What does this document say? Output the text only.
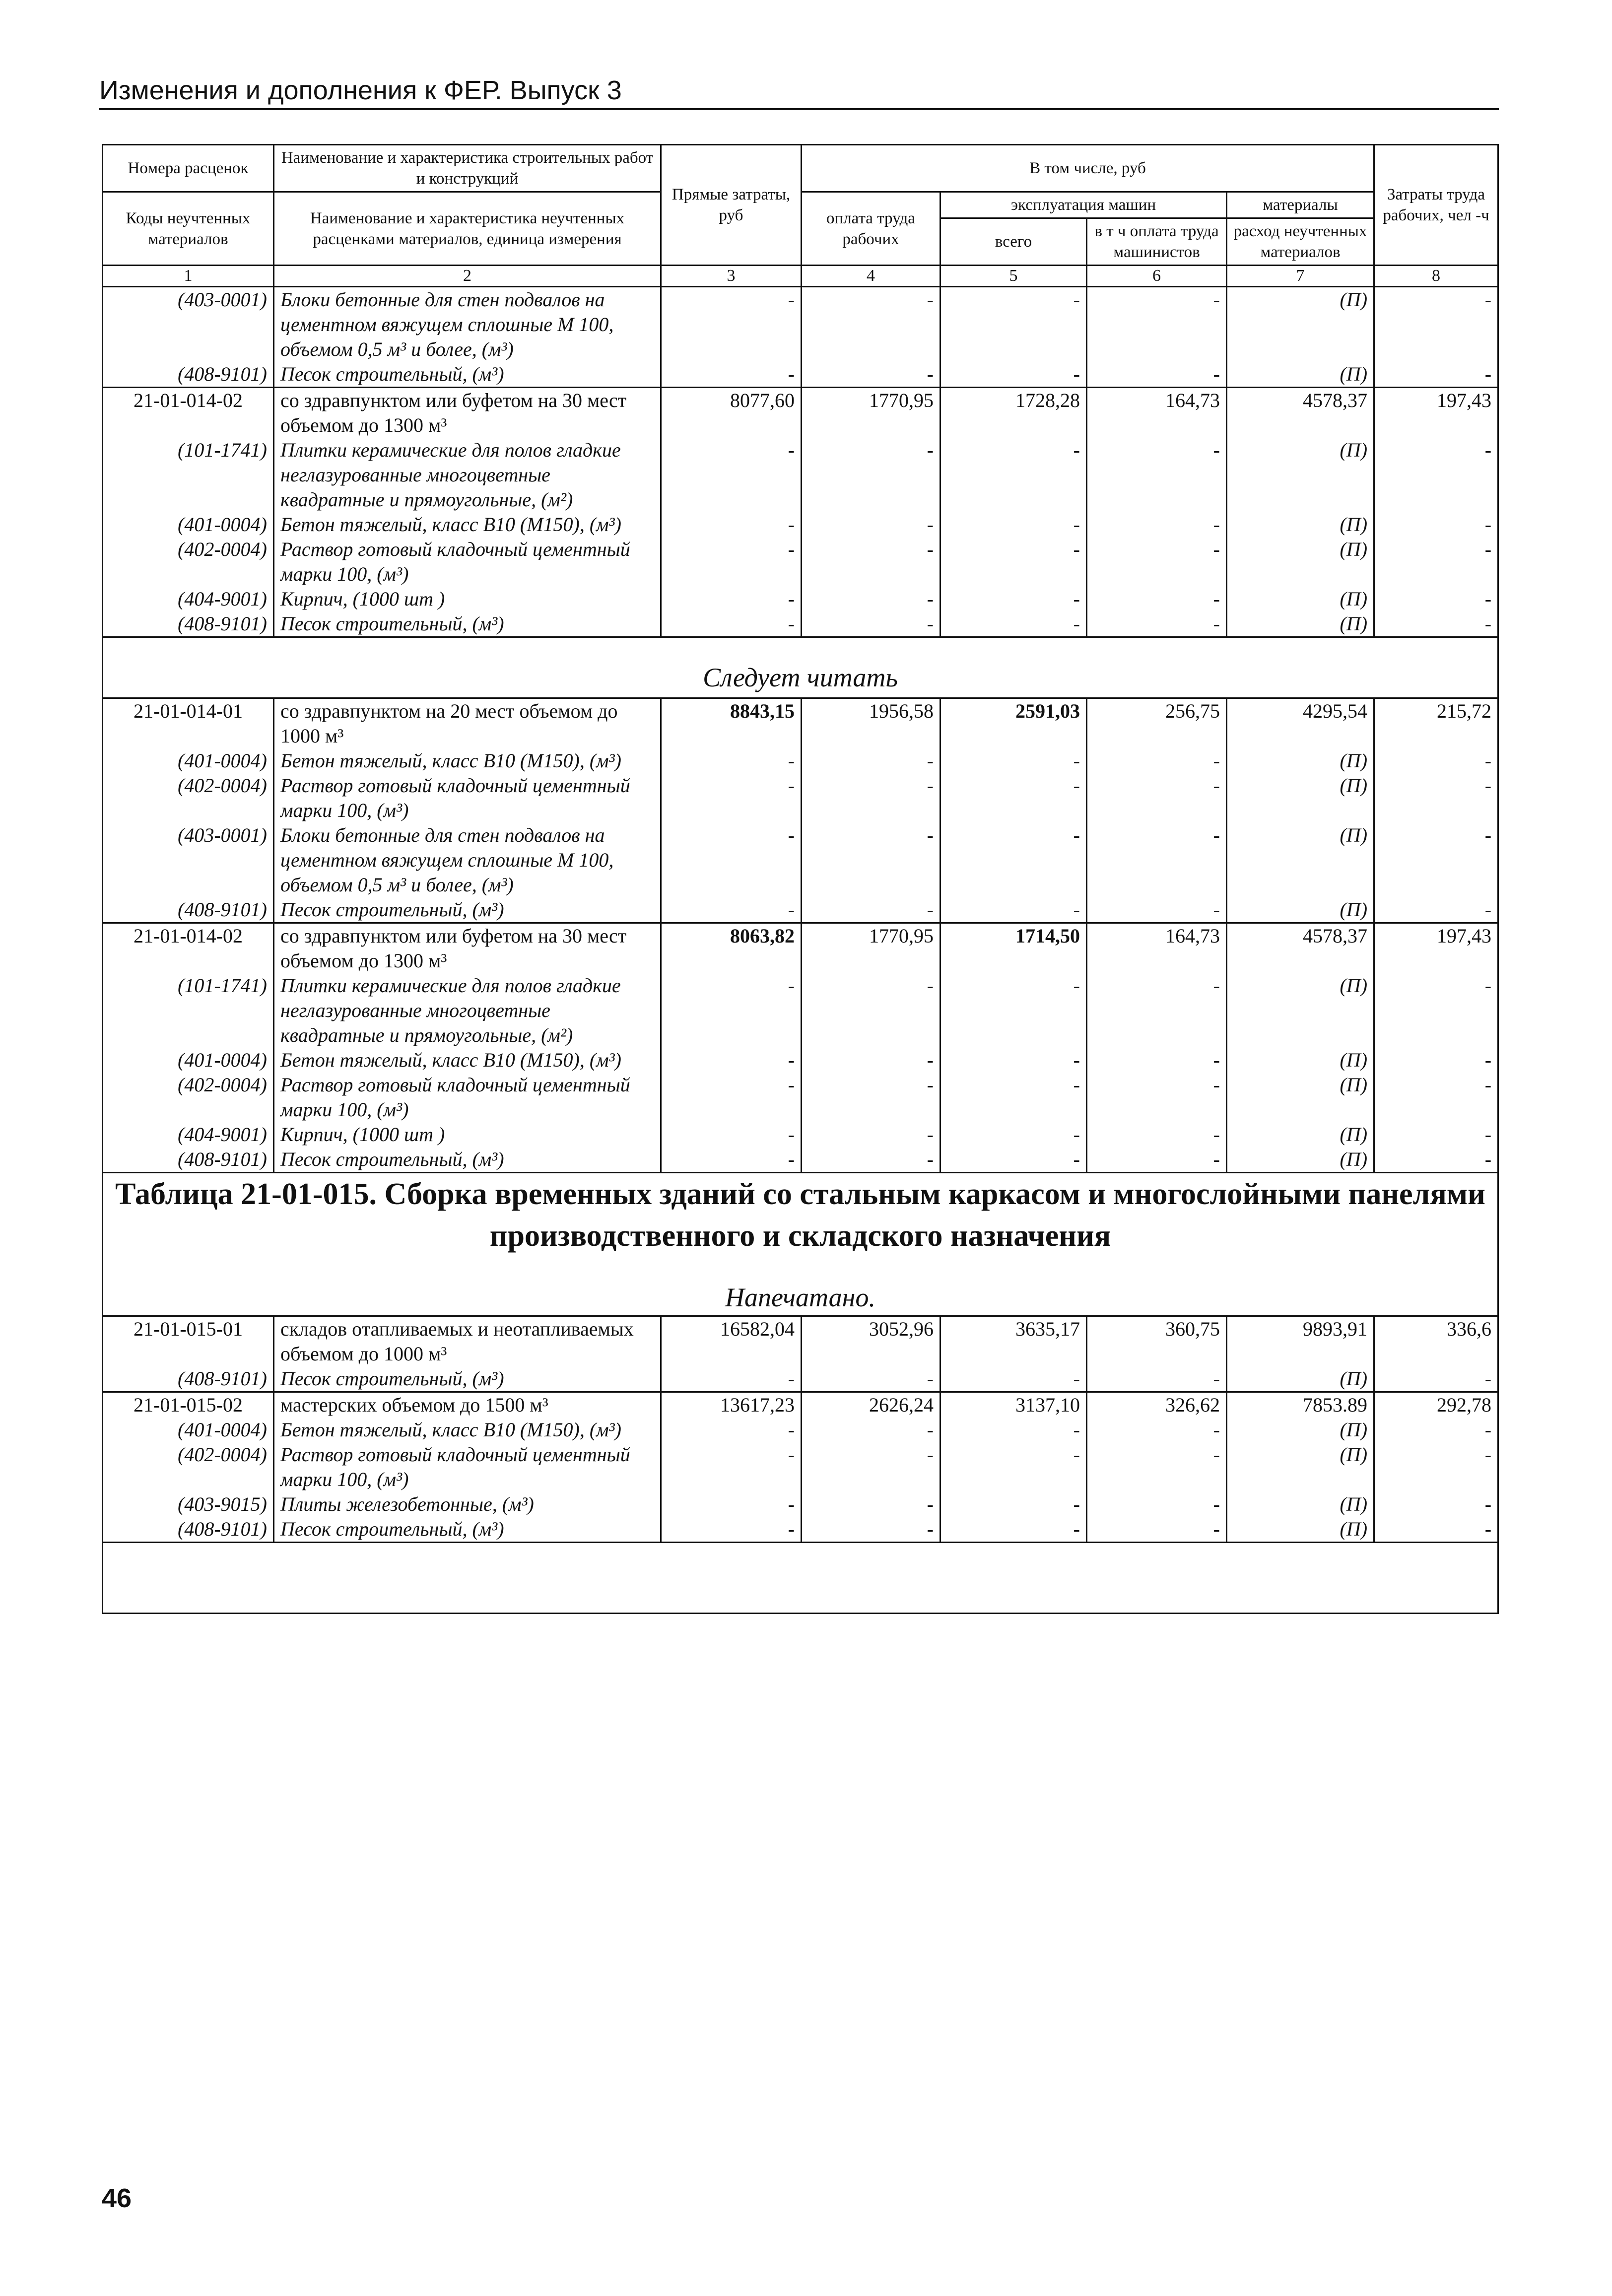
Изменения и дополнения к ФЕР. Выпуск 3
Номера расценок	Наименование и характеристика строительных работ и конструкций	Прямые затраты, руб	В том числе, руб				Затраты труда рабочих, чел -ч
Коды неучтенных материалов	Наименование и характеристика неучтенных расценками материалов, единица измерения		оплата труда рабочих	эксплуатация машин		материалы	
				всего	в т ч оплата труда машинистов	расход неучтенных материалов	
1	2	3	4	5	6	7	8
(403-0001)	Блоки бетонные для стен подвалов на цементном вяжущем сплошные М 100, объемом 0,5 м³ и более, (м³)	-	-	-	-	(П)	-
(408-9101)	Песок строительный, (м³)	-	-	-	-	(П)	-
21-01-014-02	со здравпунктом или буфетом на 30 мест объемом до 1300 м³	8077,60	1770,95	1728,28	164,73	4578,37	197,43
(101-1741)	Плитки керамические для полов гладкие неглазурованные многоцветные квадратные и прямоугольные, (м²)	-	-	-	-	(П)	-
(401-0004)	Бетон тяжелый, класс В10 (М150), (м³)	-	-	-	-	(П)	-
(402-0004)	Раствор готовый кладочный цементный марки 100, (м³)	-	-	-	-	(П)	-
(404-9001)	Кирпич, (1000 шт )	-	-	-	-	(П)	-
(408-9101)	Песок строительный, (м³)	-	-	-	-	(П)	-
Следует читать							
21-01-014-01	со здравпунктом на 20 мест объемом до 1000 м³	8843,15	1956,58	2591,03	256,75	4295,54	215,72
(401-0004)	Бетон тяжелый, класс В10 (М150), (м³)	-	-	-	-	(П)	-
(402-0004)	Раствор готовый кладочный цементный марки 100, (м³)	-	-	-	-	(П)	-
(403-0001)	Блоки бетонные для стен подвалов на цементном вяжущем сплошные М 100, объемом 0,5 м³ и более, (м³)	-	-	-	-	(П)	-
(408-9101)	Песок строительный, (м³)	-	-	-	-	(П)	-
21-01-014-02	со здравпунктом или буфетом на 30 мест объемом до 1300 м³	8063,82	1770,95	1714,50	164,73	4578,37	197,43
(101-1741)	Плитки керамические для полов гладкие неглазурованные многоцветные квадратные и прямоугольные, (м²)	-	-	-	-	(П)	-
(401-0004)	Бетон тяжелый, класс В10 (М150), (м³)	-	-	-	-	(П)	-
(402-0004)	Раствор готовый кладочный цементный марки 100, (м³)	-	-	-	-	(П)	-
(404-9001)	Кирпич, (1000 шт )	-	-	-	-	(П)	-
(408-9101)	Песок строительный, (м³)	-	-	-	-	(П)	-
Таблица 21-01-015. Сборка временных зданий со стальным каркасом и многослойными панелями производственного и складского назначения
Напечатано.							

21-01-015-01	складов отапливаемых и неотапливаемых объемом до 1000 м³	16582,04	3052,96	3635,17	360,75	9893,91	336,6
(408-9101)	Песок строительный, (м³)	-	-	-	-	(П)	-
21-01-015-02	мастерских объемом до 1500 м³	13617,23	2626,24	3137,10	326,62	7853.89	292,78
(401-0004)	Бетон тяжелый, класс В10 (М150), (м³)	-	-	-	-	(П)	-
(402-0004)	Раствор готовый кладочный цементный марки 100, (м³)	-	-	-	-	(П)	-
(403-9015)	Плиты железобетонные, (м³)	-	-	-	-	(П)	-
(408-9101)	Песок строительный, (м³)	-	-	-	-	(П)	-

46
